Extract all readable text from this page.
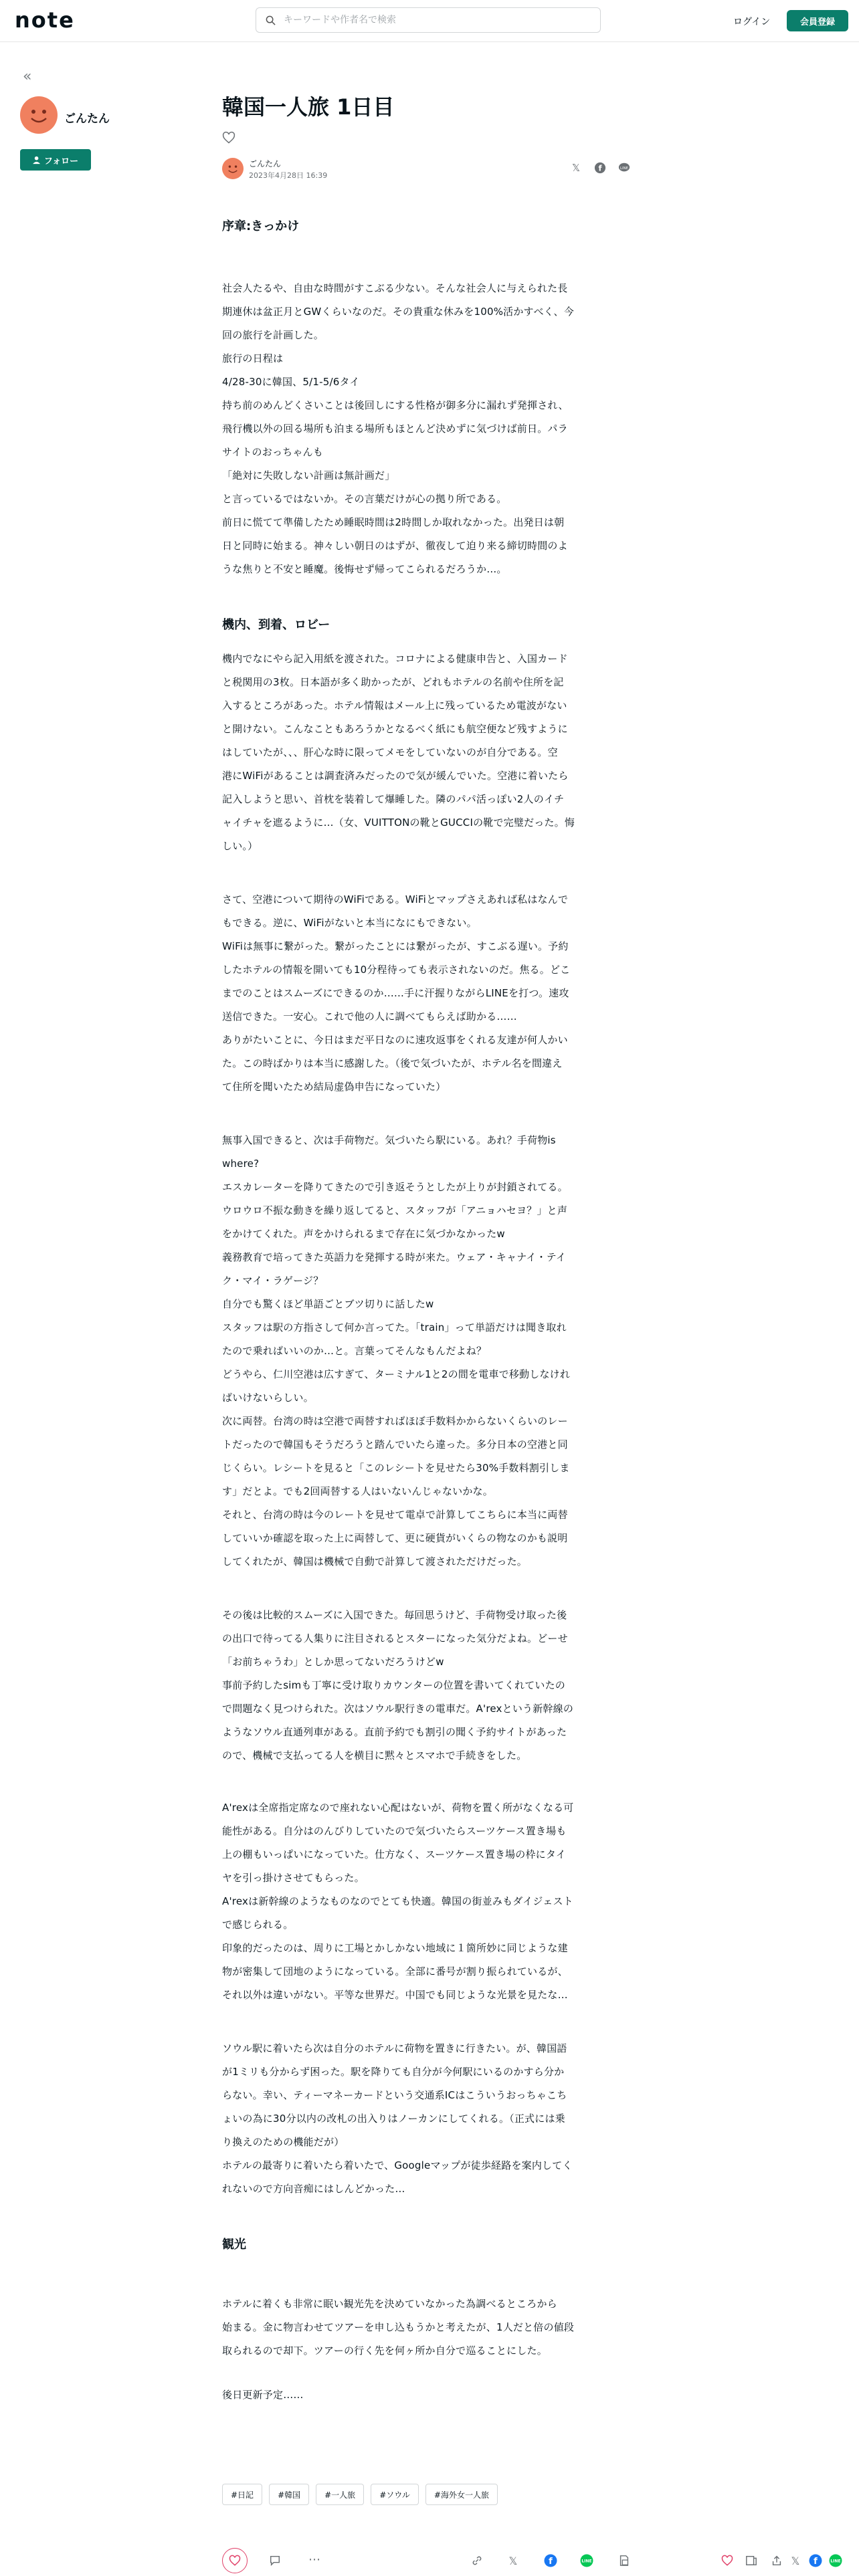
note
キーワードや作者名で検索	ログイン	会員登録
«
ごんたん
フォロー
韓国一人旅 1日目
ごんたん
2023年4月28日 16:39
𝕏	f	LINE
序章:きっかけ
社会人たるや、自由な時間がすこぶる少ない。そんな社会人に与えられた長
期連休は盆正月とGWくらいなのだ。その貴重な休みを100%活かすべく、今
回の旅行を計画した。
旅行の日程は
4/28-30に韓国、5/1-5/6タイ
持ち前のめんどくさいことは後回しにする性格が御多分に漏れず発揮され、
飛行機以外の回る場所も泊まる場所もほとんど決めずに気づけば前日。パラ
サイトのおっちゃんも
「絶対に失敗しない計画は無計画だ」
と言っているではないか。その言葉だけが心の拠り所である。
前日に慌てて準備したため睡眠時間は2時間しか取れなかった。出発日は朝
日と同時に始まる。神々しい朝日のはずが、徹夜して迫り来る締切時間のよ
うな焦りと不安と睡魔。後悔せず帰ってこられるだろうか…。
機内、到着、ロビー
機内でなにやら記入用紙を渡された。コロナによる健康申告と、入国カード
と税関用の3枚。日本語が多く助かったが、どれもホテルの名前や住所を記
入するところがあった。ホテル情報はメール上に残っているため電波がない
と開けない。こんなこともあろうかとなるべく紙にも航空便など残すように
はしていたが、、、肝心な時に限ってメモをしていないのが自分である。空
港にWiFiがあることは調査済みだったので気が緩んでいた。空港に着いたら
記入しようと思い、首枕を装着して爆睡した。隣のパパ活っぽい2人のイチ
ャイチャを遮るように…（女、VUITTONの靴とGUCCIの靴で完璧だった。悔
しい。）
さて、空港について期待のWiFiである。WiFiとマップさえあれば私はなんで
もできる。逆に、WiFiがないと本当になにもできない。
WiFiは無事に繋がった。繋がったことには繋がったが、すこぶる遅い。予約
したホテルの情報を開いても10分程待っても表示されないのだ。焦る。どこ
までのことはスムーズにできるのか……手に汗握りながらLINEを打つ。速攻
送信できた。一安心。これで他の人に調べてもらえば助かる……
ありがたいことに、今日はまだ平日なのに速攻返事をくれる友達が何人かい
た。この時ばかりは本当に感謝した。（後で気づいたが、ホテル名を間違え
て住所を聞いたため結局虚偽申告になっていた）
無事入国できると、次は手荷物だ。気づいたら駅にいる。あれ？手荷物is
where?
エスカレーターを降りてきたので引き返そうとしたが上りが封鎖されてる。
ウロウロ不振な動きを繰り返してると、スタッフが「アニョハセヨ？」と声
をかけてくれた。声をかけられるまで存在に気づかなかったw
義務教育で培ってきた英語力を発揮する時が来た。ウェア・キャナイ・テイ
ク・マイ・ラゲージ？
自分でも驚くほど単語ごとブツ切りに話したw
スタッフは駅の方指さして何か言ってた。「train」って単語だけは聞き取れ
たので乗ればいいのか…と。言葉ってそんなもんだよね？
どうやら、仁川空港は広すぎて、ターミナル1と2の間を電車で移動しなけれ
ばいけないらしい。
次に両替。台湾の時は空港で両替すればほぼ手数料かからないくらいのレー
トだったので韓国もそうだろうと踏んでいたら違った。多分日本の空港と同
じくらい。レシートを見ると「このレシートを見せたら30%手数料割引しま
す」だとよ。でも2回両替する人はいないんじゃないかな。
それと、台湾の時は今のレートを見せて電卓で計算してこちらに本当に両替
していいか確認を取った上に両替して、更に硬貨がいくらの物なのかも説明
してくれたが、韓国は機械で自動で計算して渡されただけだった。
その後は比較的スムーズに入国できた。毎回思うけど、手荷物受け取った後
の出口で待ってる人集りに注目されるとスターになった気分だよね。どーせ
「お前ちゃうわ」としか思ってないだろうけどw
事前予約したsimも丁寧に受け取りカウンターの位置を書いてくれていたの
で問題なく見つけられた。次はソウル駅行きの電車だ。A'rexという新幹線の
ようなソウル直通列車がある。直前予約でも割引の聞く予約サイトがあった
ので、機械で支払ってる人を横目に黙々とスマホで手続きをした。
A'rexは全席指定席なので座れない心配はないが、荷物を置く所がなくなる可
能性がある。自分はのんびりしていたので気づいたらスーツケース置き場も
上の棚もいっぱいになっていた。仕方なく、スーツケース置き場の枠にタイ
ヤを引っ掛けさせてもらった。
A'rexは新幹線のようなものなのでとても快適。韓国の街並みもダイジェスト
で感じられる。
印象的だったのは、周りに工場とかしかない地域に１箇所妙に同じような建
物が密集して団地のようになっている。全部に番号が割り振られているが、
それ以外は違いがない。平等な世界だ。中国でも同じような光景を見たな…
ソウル駅に着いたら次は自分のホテルに荷物を置きに行きたい。が、韓国語
が1ミリも分からず困った。駅を降りても自分が今何駅にいるのかすら分か
らない。幸い、ティーマネーカードという交通系ICはこういうおっちゃこち
ょいの為に30分以内の改札の出入りはノーカンにしてくれる。（正式には乗
り換えのための機能だが）
ホテルの最寄りに着いたら着いたで、Googleマップが徒歩経路を案内してく
れないので方向音痴にはしんどかった…
観光
ホテルに着くも非常に眠い観光先を決めていなかった為調べるところから
始まる。金に物言わせてツアーを申し込もうかと考えたが、1人だと倍の値段
取られるので却下。ツアーの行く先を何ヶ所か自分で巡ることにした。
後日更新予定……
#日記	#韓国	#一人旅	#ソウル	#海外女一人旅
⋯	𝕏	f	LINE	𝕏	f	LINE
